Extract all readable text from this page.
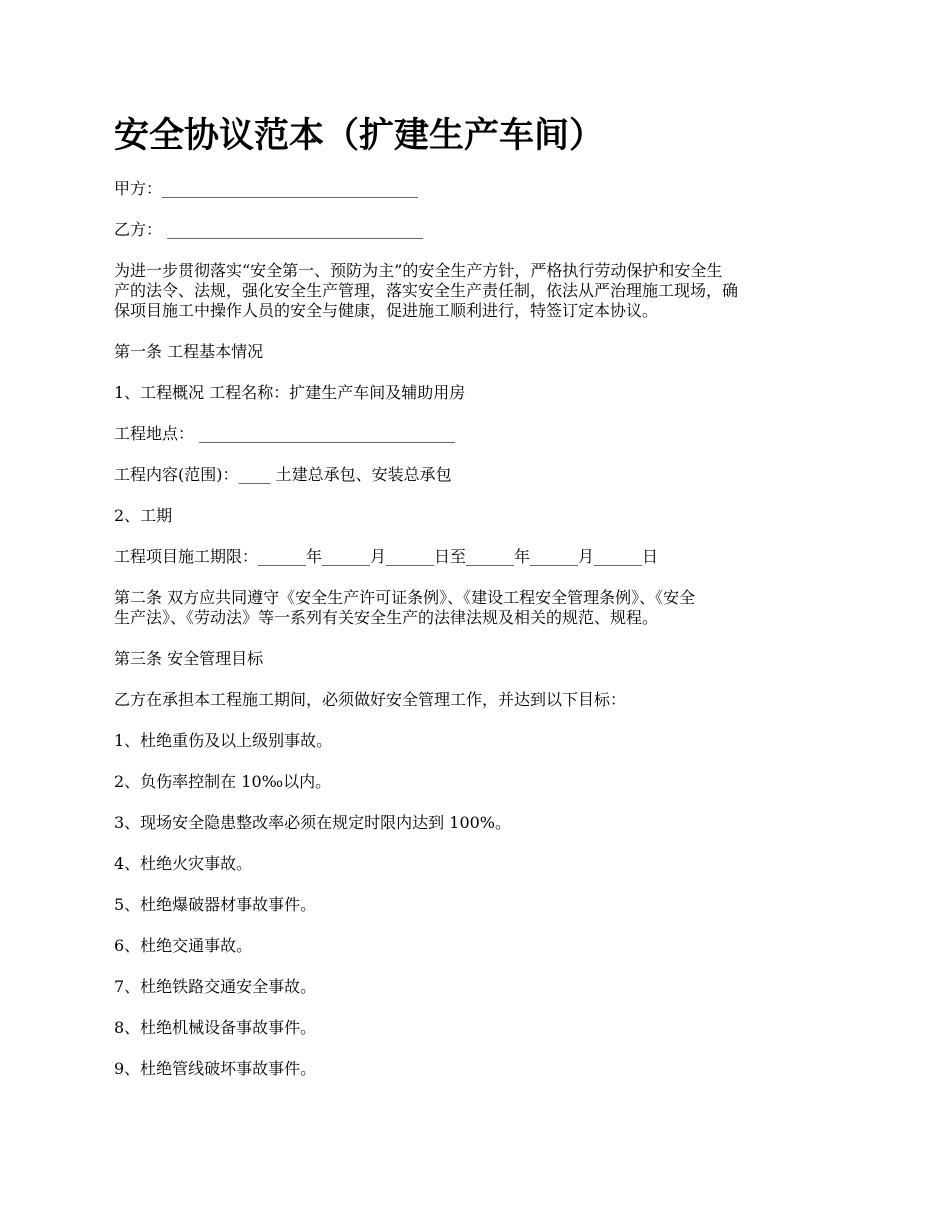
安全协议范本（扩建生产车间）

甲方：________________________________

乙方： ________________________________

为进一步贯彻落实“安全第一、预防为主”的安全生产方针，严格执行劳动保护和安全生
产的法令、法规，强化安全生产管理，落实安全生产责任制，依法从严治理施工现场，确
保项目施工中操作人员的安全与健康，促进施工顺利进行，特签订定本协议。

第一条 工程基本情况

1、工程概况 工程名称：扩建生产车间及辅助用房

工程地点： ________________________________

工程内容(范围)：____ 土建总承包、安装总承包

2、工期

工程项目施工期限：______年______月______日至______年______月______日

第二条 双方应共同遵守《安全生产许可证条例》、《建设工程安全管理条例》、《安全
生产法》、《劳动法》等一系列有关安全生产的法律法规及相关的规范、规程。

第三条 安全管理目标

乙方在承担本工程施工期间，必须做好安全管理工作，并达到以下目标：

1、杜绝重伤及以上级别事故。

2、负伤率控制在 10‰以内。

3、现场安全隐患整改率必须在规定时限内达到 100%。

4、杜绝火灾事故。

5、杜绝爆破器材事故事件。

6、杜绝交通事故。

7、杜绝铁路交通安全事故。

8、杜绝机械设备事故事件。

9、杜绝管线破坏事故事件。
